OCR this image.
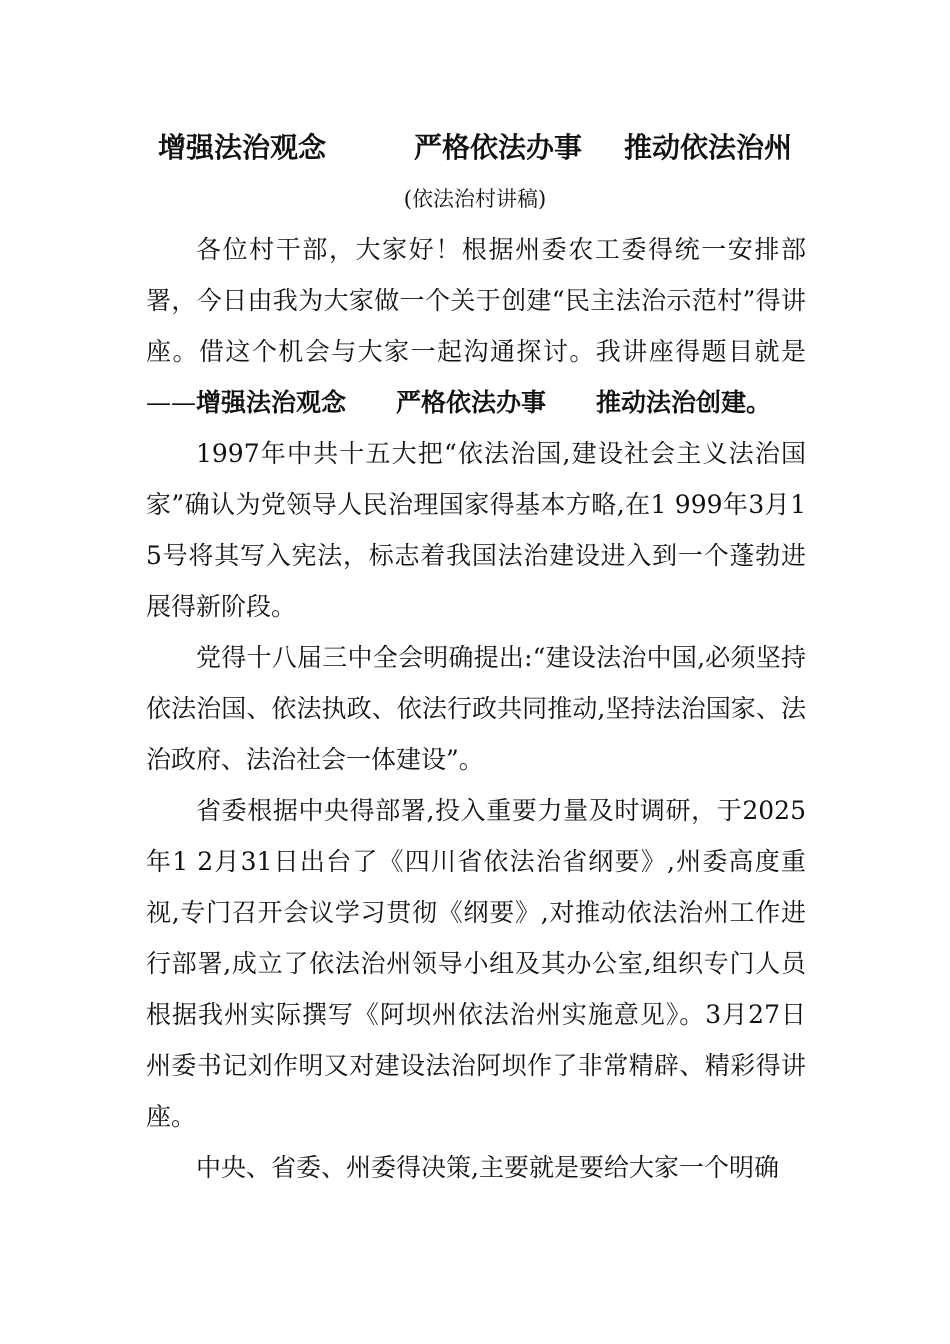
增强法治观念	严格依法办事 推动依法治州
(依法治村讲稿)

各位村干部，大家好！根据州委农工委得统一安排部署，今日由我为大家做一个关于创建“民主法治示范村”得讲座。借这个机会与大家一起沟通探讨。我讲座得题目就是——增强法治观念　　严格依法办事　　推动法治创建。

1997年中共十五大把“依法治国,建设社会主义法治国家”确认为党领导人民治理国家得基本方略,在1 999年3月1 5号将其写入宪法，标志着我国法治建设进入到一个蓬勃进展得新阶段。

党得十八届三中全会明确提出:“建设法治中国,必须坚持依法治国、依法执政、依法行政共同推动,坚持法治国家、法治政府、法治社会一体建设”。

省委根据中央得部署,投入重要力量及时调研，于2025年1 2月31日出台了《四川省依法治省纲要》,州委高度重视,专门召开会议学习贯彻《纲要》,对推动依法治州工作进行部署,成立了依法治州领导小组及其办公室,组织专门人员根据我州实际撰写《阿坝州依法治州实施意见》。3月27日州委书记刘作明又对建设法治阿坝作了非常精辟、精彩得讲座。

中央、省委、州委得决策,主要就是要给大家一个明确
